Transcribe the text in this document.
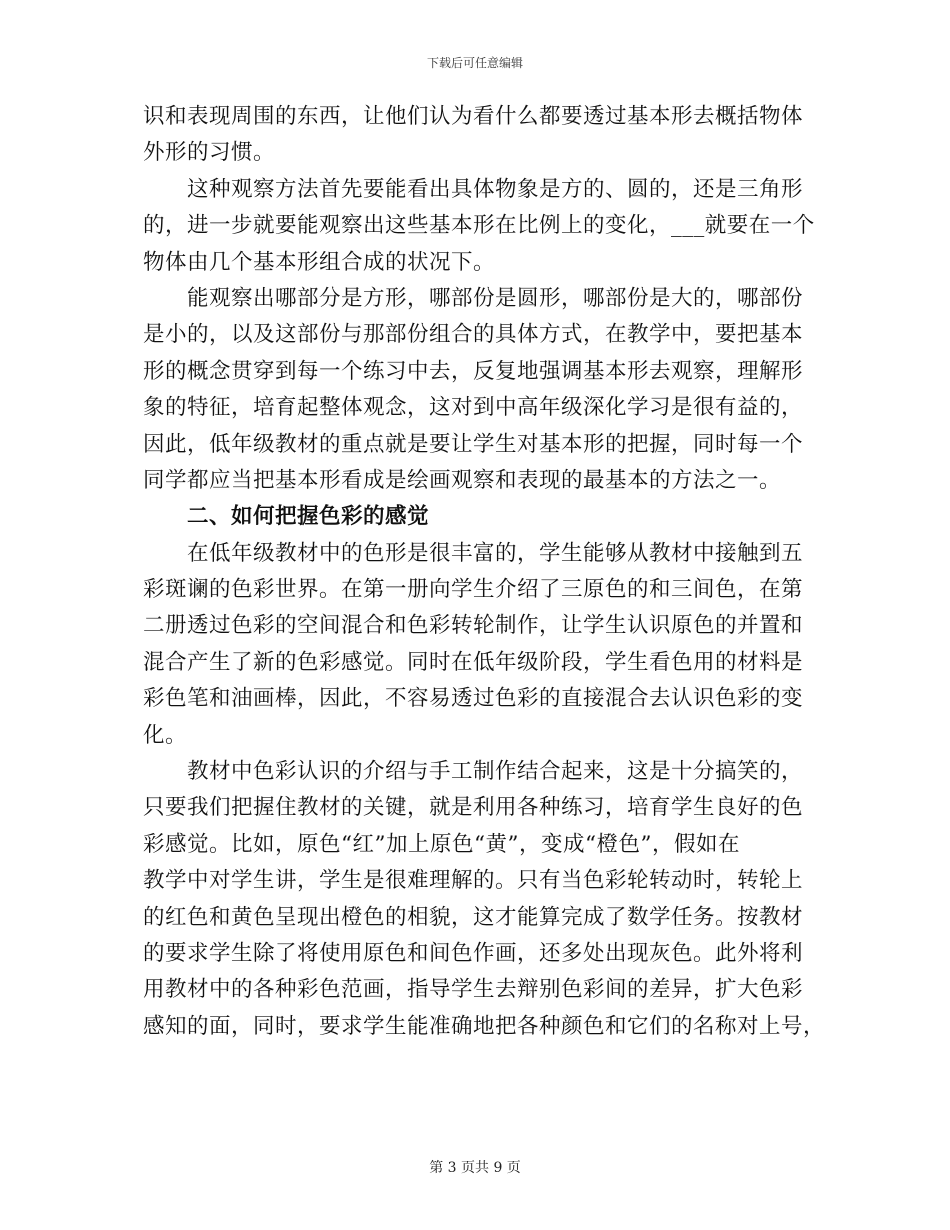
下载后可任意编辑
识和表现周围的东西，让他们认为看什么都要透过基本形去概括物体
外形的习惯。
这种观察方法首先要能看出具体物象是方的、圆的，还是三角形
的，进一步就要能观察出这些基本形在比例上的变化，___就要在一个
物体由几个基本形组合成的状况下。
能观察出哪部分是方形，哪部份是圆形，哪部份是大的，哪部份
是小的，以及这部份与那部份组合的具体方式，在教学中，要把基本
形的概念贯穿到每一个练习中去，反复地强调基本形去观察，理解形
象的特征，培育起整体观念，这对到中高年级深化学习是很有益的，
因此，低年级教材的重点就是要让学生对基本形的把握，同时每一个
同学都应当把基本形看成是绘画观察和表现的最基本的方法之一。
二、如何把握色彩的感觉
在低年级教材中的色形是很丰富的，学生能够从教材中接触到五
彩斑谰的色彩世界。在第一册向学生介绍了三原色的和三间色，在第
二册透过色彩的空间混合和色彩转轮制作，让学生认识原色的并置和
混合产生了新的色彩感觉。同时在低年级阶段，学生看色用的材料是
彩色笔和油画棒，因此，不容易透过色彩的直接混合去认识色彩的变
化。
教材中色彩认识的介绍与手工制作结合起来，这是十分搞笑的，
只要我们把握住教材的关键，就是利用各种练习，培育学生良好的色
彩感觉。比如，原色“红”加上原色“黄”，变成“橙色”，假如在
教学中对学生讲，学生是很难理解的。只有当色彩轮转动时，转轮上
的红色和黄色呈现出橙色的相貌，这才能算完成了数学任务。按教材
的要求学生除了将使用原色和间色作画，还多处出现灰色。此外将利
用教材中的各种彩色范画，指导学生去辩别色彩间的差异，扩大色彩
感知的面，同时，要求学生能准确地把各种颜色和它们的名称对上号，
第 3 页共 9 页
